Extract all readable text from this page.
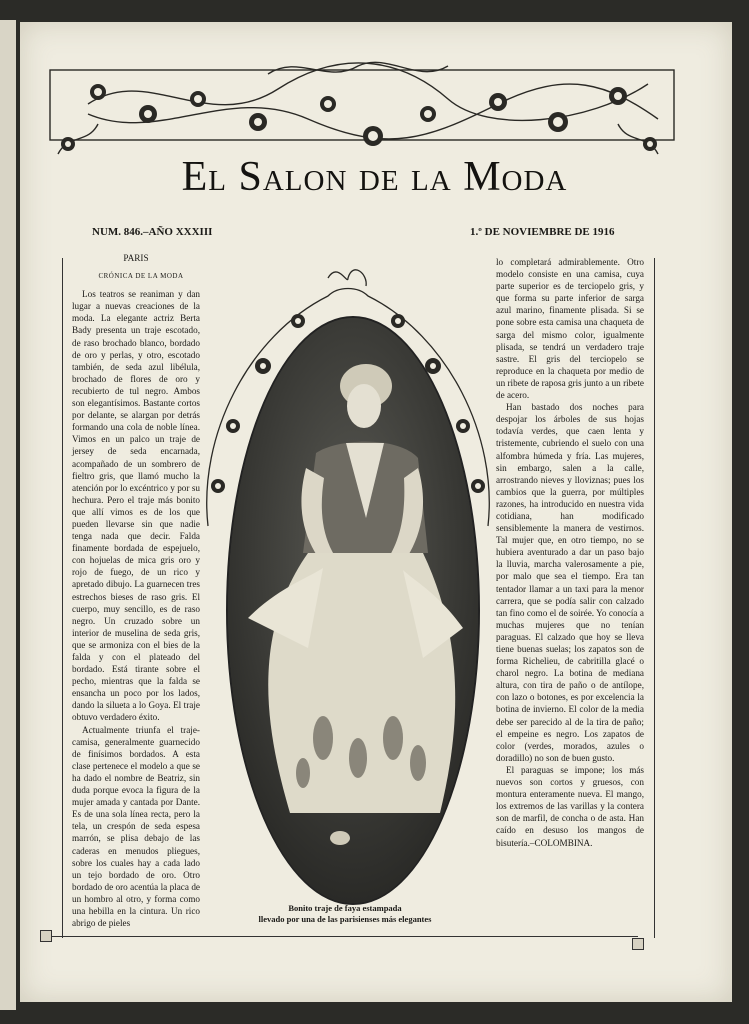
El Salon de la Moda
NUM. 846.–AÑO XXXIII	1.º DE NOVIEMBRE DE 1916

PARIS

CRÓNICA DE LA MODA

Los teatros se reaniman y dan lugar a nuevas creaciones de la moda. La elegante actriz Berta Bady presenta un traje escotado, de raso brochado blanco, bordado de oro y perlas, y otro, escotado también, de seda azul libélula, brochado de flores de oro y recubierto de tul negro. Ambos son elegantísimos. Bastante cortos por delante, se alargan por detrás formando una cola de noble línea. Vimos en un palco un traje de jersey de seda encarnada, acompañado de un sombrero de fieltro gris, que llamó mucho la atención por lo excéntrico y por su hechura. Pero el traje más bonito que allí vimos es de los que pueden llevarse sin que nadie tenga nada que decir. Falda finamente bordada de espejuelo, con hojuelas de mica gris oro y rojo de fuego, de un rico y apretado dibujo. La guarnecen tres estrechos bieses de raso gris. El cuerpo, muy sencillo, es de raso negro. Un cruzado sobre un interior de muselina de seda gris, que se armoniza con el bies de la falda y con el plateado del bordado. Está tirante sobre el pecho, mientras que la falda se ensancha un poco por los lados, dando la silueta a lo Goya. El traje obtuvo verdadero éxito.

Actualmente triunfa el traje-camisa, generalmente guarnecido de finísimos bordados. A esta clase pertenece el modelo a que se ha dado el nombre de Beatriz, sin duda porque evoca la figura de la mujer amada y cantada por Dante. Es de una sola línea recta, pero la tela, un crespón de seda espesa marrón, se plisa debajo de las caderas en menudos pliegues, sobre los cuales hay a cada lado un tejo bordado de oro. Otro bordado de oro acentúa la placa de un hombro al otro, y forma como una hebilla en la cintura. Un rico abrigo de pieles

Bonito traje de faya estampada
llevado por una de las parisienses más elegantes

lo completará admirablemente. Otro modelo consiste en una camisa, cuya parte superior es de terciopelo gris, y que forma su parte inferior de sarga azul marino, finamente plisada. Si se pone sobre esta camisa una chaqueta de sarga del mismo color, igualmente plisada, se tendrá un verdadero traje sastre. El gris del terciopelo se reproduce en la chaqueta por medio de un ribete de raposa gris junto a un ribete de acero.

Han bastado dos noches para despojar los árboles de sus hojas todavía verdes, que caen lenta y tristemente, cubriendo el suelo con una alfombra húmeda y fría. Las mujeres, sin embargo, salen a la calle, arrostrando nieves y lloviznas; pues los cambios que la guerra, por múltiples razones, ha introducido en nuestra vida cotidiana, han modificado sensiblemente la manera de vestirnos. Tal mujer que, en otro tiempo, no se hubiera aventurado a dar un paso bajo la lluvia, marcha valerosamente a pie, por malo que sea el tiempo. Era tan tentador llamar a un taxi para la menor carrera, que se podía salir con calzado tan fino como el de soirée. Yo conocía a muchas mujeres que no tenían paraguas. El calzado que hoy se lleva tiene buenas suelas; los zapatos son de forma Richelieu, de cabritilla glacé o charol negro. La botina de mediana altura, con tira de paño o de antílope, con lazo o botones, es por excelencia la botina de invierno. El color de la media debe ser parecido al de la tira de paño; el empeine es negro. Los zapatos de color (verdes, morados, azules o doradillo) no son de buen gusto.

El paraguas se impone; los más nuevos son cortos y gruesos, con montura enteramente nueva. El mango, los extremos de las varillas y la contera son de marfil, de concha o de asta. Han caído en desuso los mangos de bisutería.–COLOMBINA.
